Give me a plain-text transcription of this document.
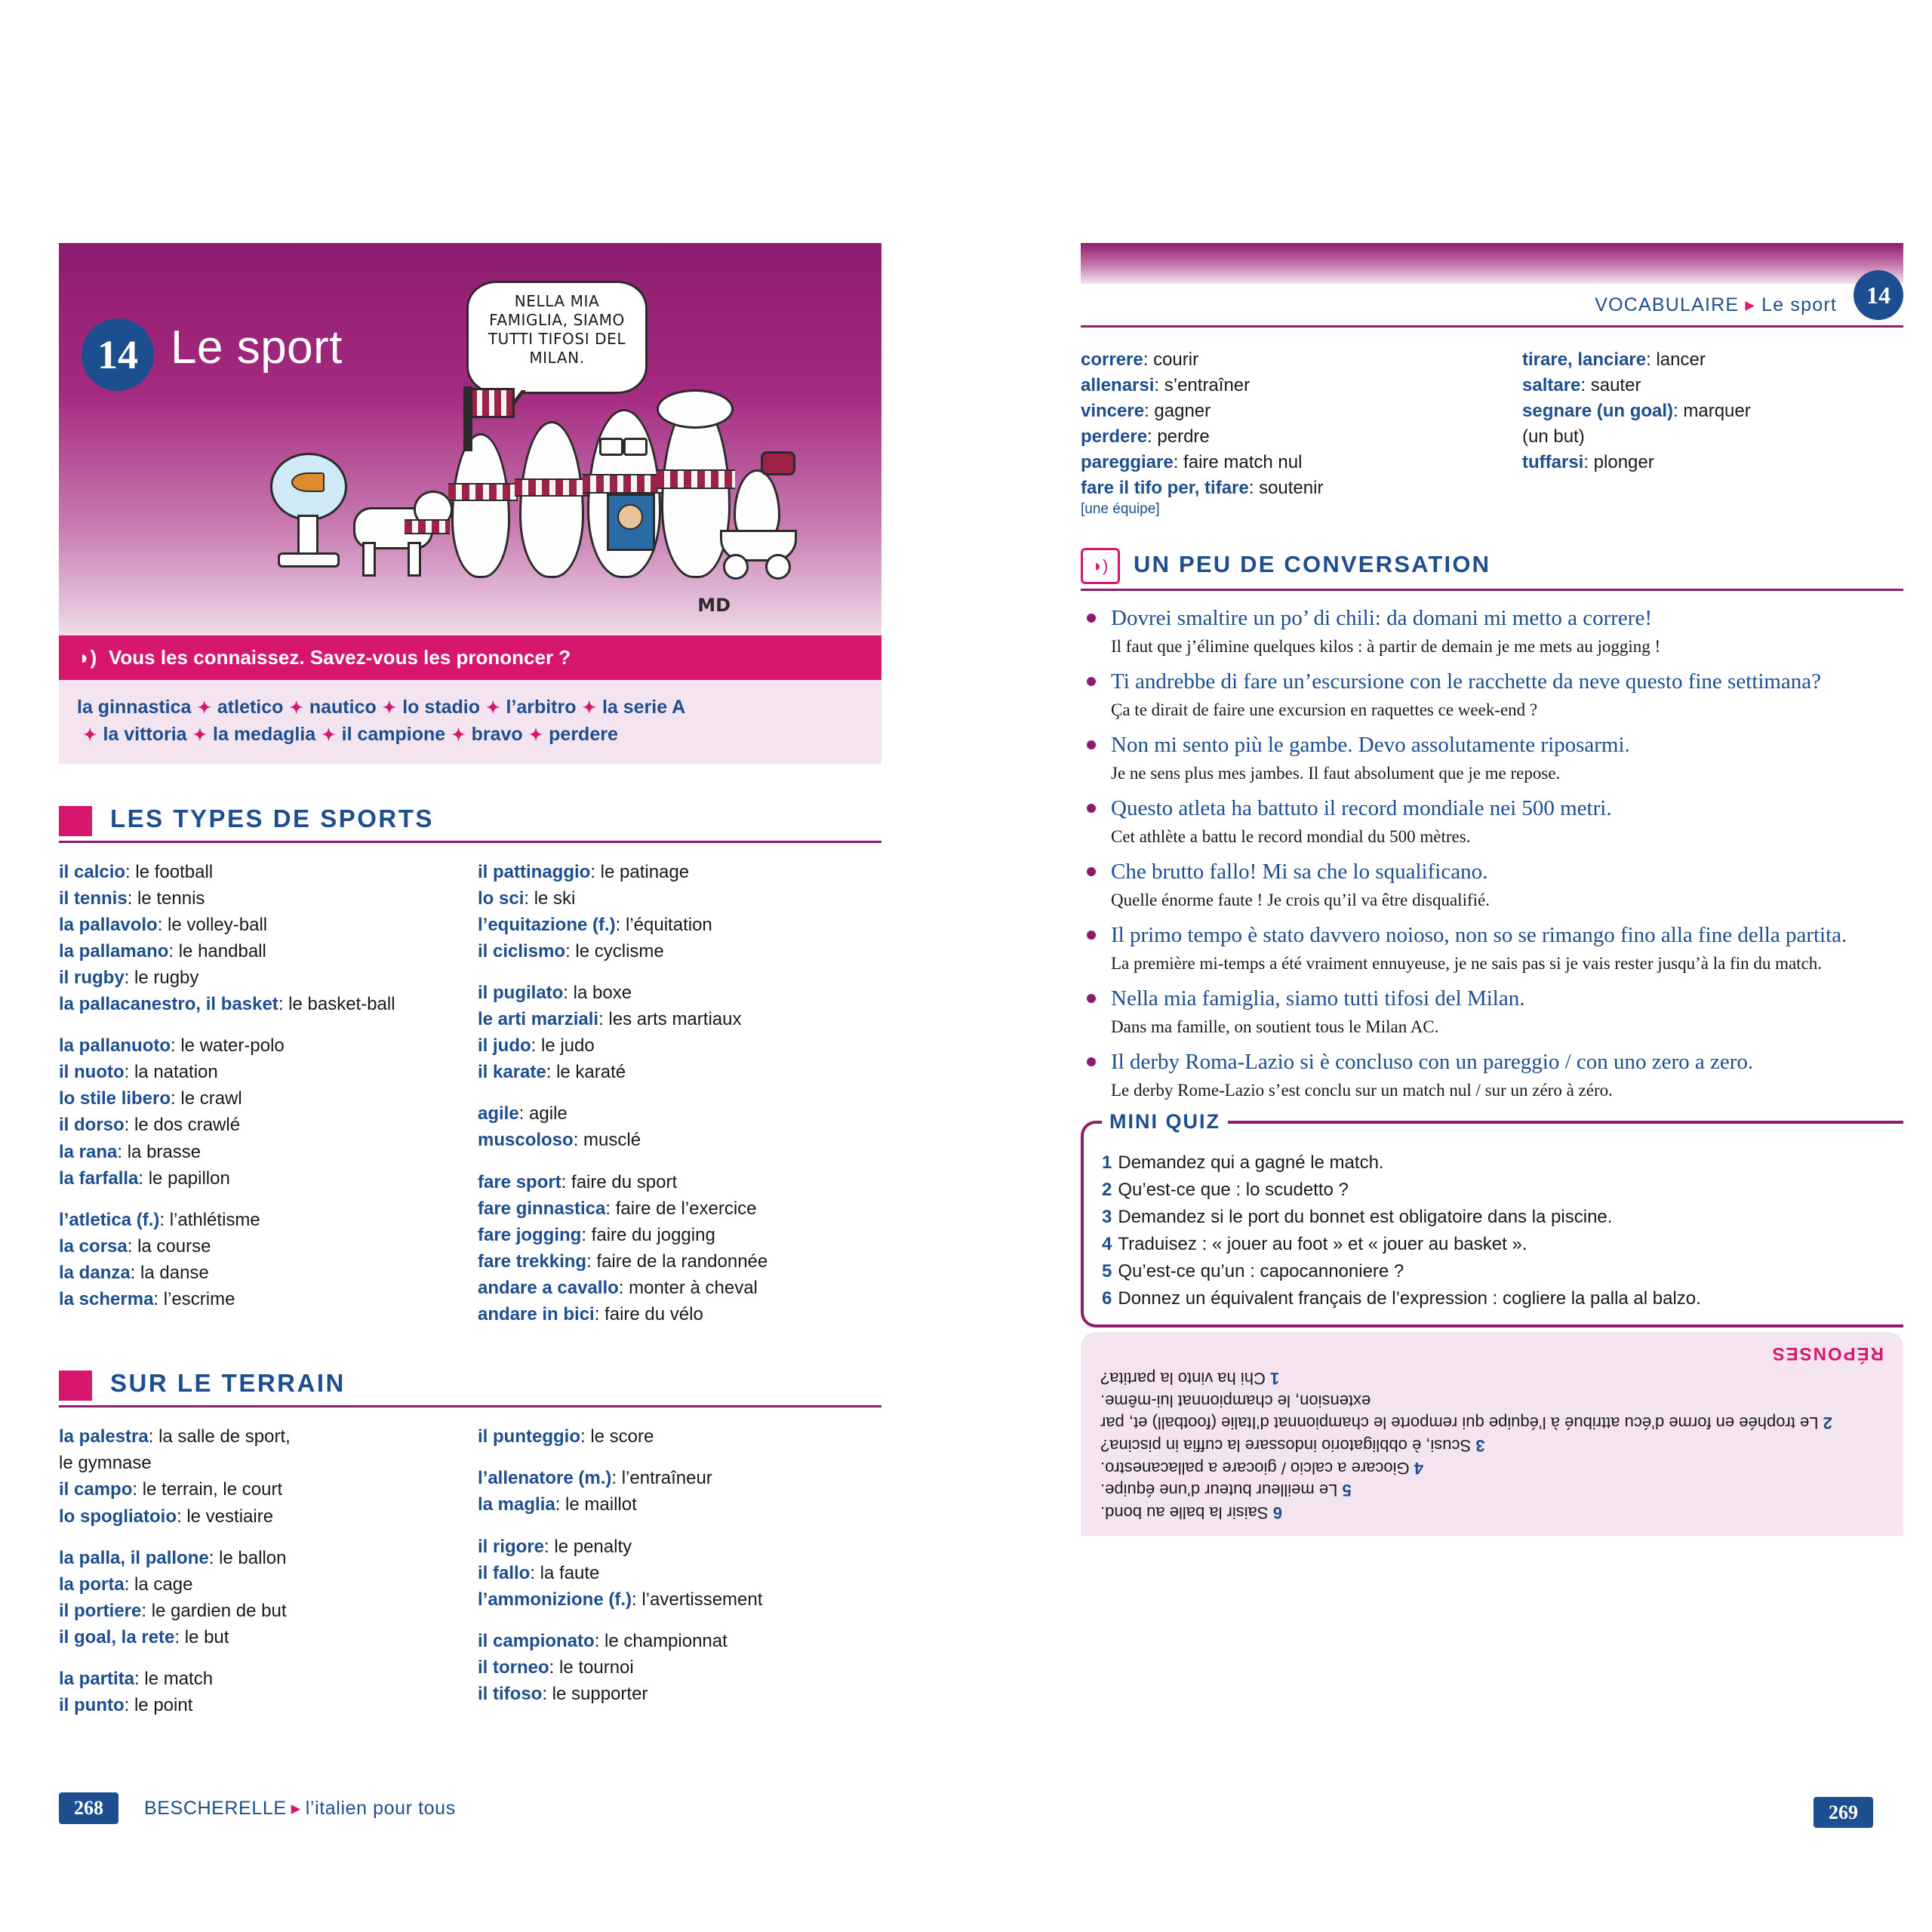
14 Le sport
NELLA MIA FAMIGLIA, SIAMO TUTTI TIFOSI DEL MILAN.
MD
◗) Vous les connaissez. Savez-vous les prononcer ?
la ginnastica ✦ atletico ✦ nautico ✦ lo stadio ✦ l’arbitro ✦ la serie A
✦ la vittoria ✦ la medaglia ✦ il campione ✦ bravo ✦ perdere
LES TYPES DE SPORTS
il calcio: le football
il tennis: le tennis
la pallavolo: le volley-ball
la pallamano: le handball
il rugby: le rugby
la pallacanestro, il basket: le basket-ball
la pallanuoto: le water-polo
il nuoto: la natation
lo stile libero: le crawl
il dorso: le dos crawlé
la rana: la brasse
la farfalla: le papillon
l’atletica (f.): l’athlétisme
la corsa: la course
la danza: la danse
la scherma: l’escrime
il pattinaggio: le patinage
lo sci: le ski
l’equitazione (f.): l’équitation
il ciclismo: le cyclisme
il pugilato: la boxe
le arti marziali: les arts martiaux
il judo: le judo
il karate: le karaté
agile: agile
muscoloso: musclé
fare sport: faire du sport
fare ginnastica: faire de l’exercice
fare jogging: faire du jogging
fare trekking: faire de la randonnée
andare a cavallo: monter à cheval
andare in bici: faire du vélo
SUR LE TERRAIN
la palestra: la salle de sport,
le gymnase
il campo: le terrain, le court
lo spogliatoio: le vestiaire
la palla, il pallone: le ballon
la porta: la cage
il portiere: le gardien de but
il goal, la rete: le but
la partita: le match
il punto: le point
il punteggio: le score
l’allenatore (m.): l’entraîneur
la maglia: le maillot
il rigore: le penalty
il fallo: la faute
l’ammonizione (f.): l’avertissement
il campionato: le championnat
il torneo: le tournoi
il tifoso: le supporter
268	BESCHERELLE ▸ l’italien pour tous
VOCABULAIRE ▸ Le sport	14
correre: courir
allenarsi: s’entraîner
vincere: gagner
perdere: perdre
pareggiare: faire match nul
fare il tifo per, tifare: soutenir
[une équipe]
tirare, lanciare: lancer
saltare: sauter
segnare (un goal): marquer
(un but)
tuffarsi: plonger
◗)	UN PEU DE CONVERSATION
Dovrei smaltire un po’ di chili: da domani mi metto a correre!
Il faut que j’élimine quelques kilos : à partir de demain je me mets au jogging !
Ti andrebbe di fare un’escursione con le racchette da neve questo fine settimana?
Ça te dirait de faire une excursion en raquettes ce week-end ?
Non mi sento più le gambe. Devo assolutamente riposarmi.
Je ne sens plus mes jambes. Il faut absolument que je me repose.
Questo atleta ha battuto il record mondiale nei 500 metri.
Cet athlète a battu le record mondial du 500 mètres.
Che brutto fallo! Mi sa che lo squalificano.
Quelle énorme faute ! Je crois qu’il va être disqualifié.
Il primo tempo è stato davvero noioso, non so se rimango fino alla fine della partita.
La première mi-temps a été vraiment ennuyeuse, je ne sais pas si je vais rester jusqu’à la fin du match.
Nella mia famiglia, siamo tutti tifosi del Milan.
Dans ma famille, on soutient tous le Milan AC.
Il derby Roma-Lazio si è concluso con un pareggio / con uno zero a zero.
Le derby Rome-Lazio s’est conclu sur un match nul / sur un zéro à zéro.
MINI QUIZ
1 Demandez qui a gagné le match.
2 Qu’est-ce que : lo scudetto ?
3 Demandez si le port du bonnet est obligatoire dans la piscine.
4 Traduisez : « jouer au foot » et « jouer au basket ».
5 Qu’est-ce qu’un : capocannoniere ?
6 Donnez un équivalent français de l’expression : cogliere la palla al balzo.
6 Saisir la balle au bond.
5 Le meilleur buteur d’une équipe.
4 Giocare a calcio / giocare a pallacanestro.
3 Scusi, è obbligatorio indossare la cuffia in piscina?
2 Le trophée en forme d’écu attribué à l’équipe qui remporte le championnat d’Italie (football) et, par extension, le championnat lui-même.
1 Chi ha vinto la partita?
RÉPONSES
269
